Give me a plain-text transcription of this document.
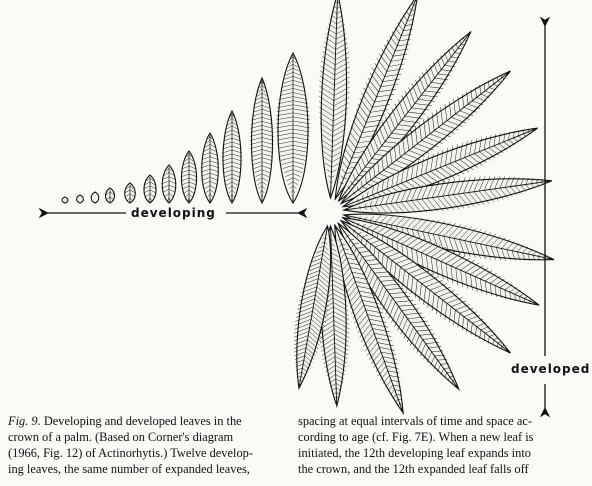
developing
developed
Fig. 9. Developing and developed leaves in the
crown of a palm. (Based on Corner's diagram
(1966, Fig. 12) of Actinorhytis.) Twelve develop-
ing leaves, the same number of expanded leaves,
spacing at equal intervals of time and space ac-
cording to age (cf. Fig. 7E). When a new leaf is
initiated, the 12th developing leaf expands into
the crown, and the 12th expanded leaf falls off
